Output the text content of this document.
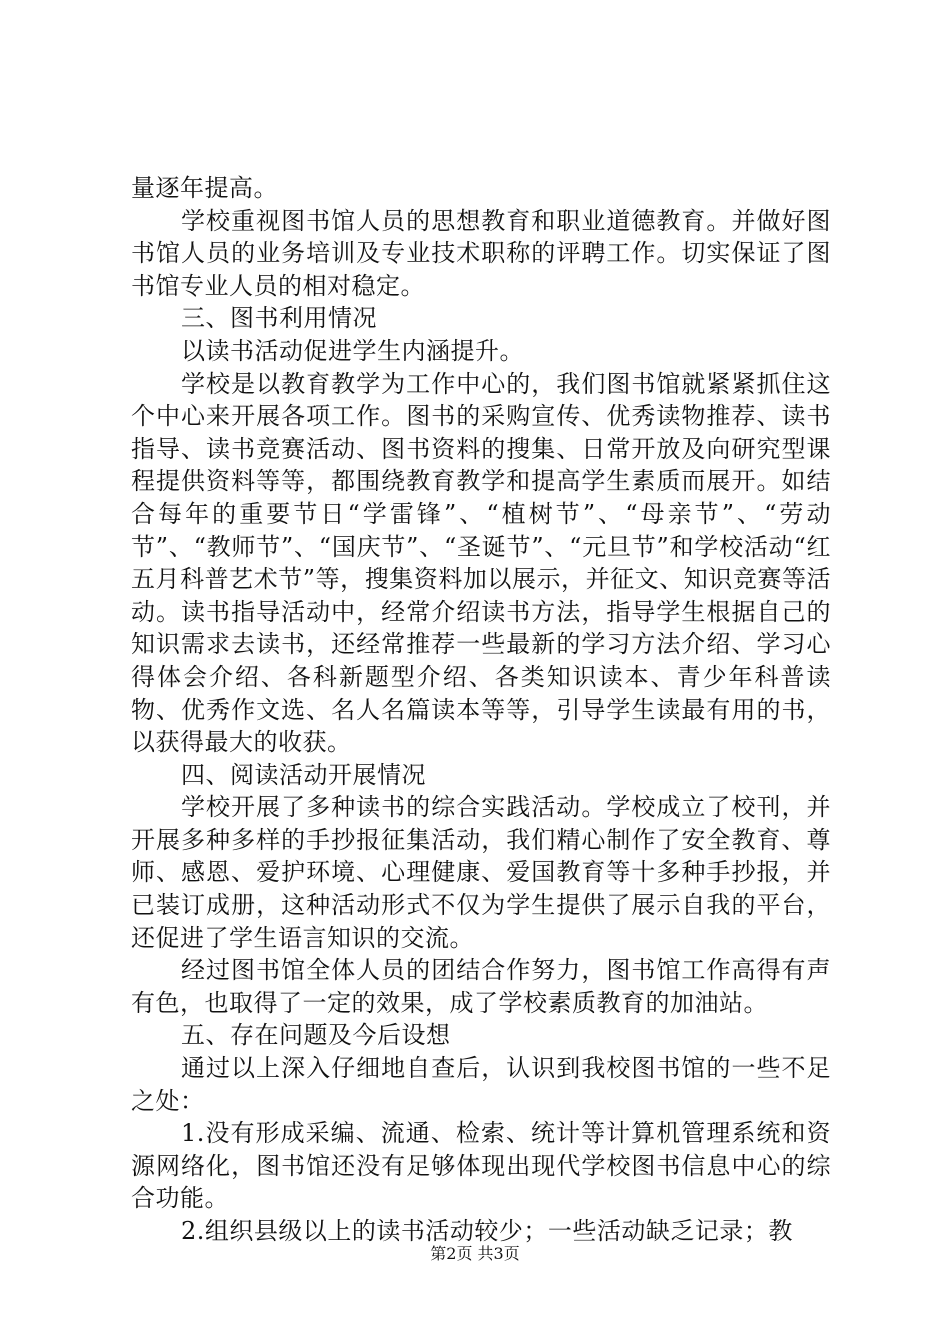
量逐年提高。

学校重视图书馆人员的思想教育和职业道德教育。并做好图书馆人员的业务培训及专业技术职称的评聘工作。切实保证了图书馆专业人员的相对稳定。

三、图书利用情况

以读书活动促进学生内涵提升。

学校是以教育教学为工作中心的，我们图书馆就紧紧抓住这个中心来开展各项工作。图书的采购宣传、优秀读物推荐、读书指导、读书竞赛活动、图书资料的搜集、日常开放及向研究型课程提供资料等等，都围绕教育教学和提高学生素质而展开。如结合每年的重要节日“学雷锋”、“植树节”、“母亲节”、“劳动节”、“教师节”、“国庆节”、“圣诞节”、“元旦节”和学校活动“红五月科普艺术节”等，搜集资料加以展示，并征文、知识竞赛等活动。读书指导活动中，经常介绍读书方法，指导学生根据自己的知识需求去读书，还经常推荐一些最新的学习方法介绍、学习心得体会介绍、各科新题型介绍、各类知识读本、青少年科普读物、优秀作文选、名人名篇读本等等，引导学生读最有用的书，以获得最大的收获。

四、阅读活动开展情况

学校开展了多种读书的综合实践活动。学校成立了校刊，并开展多种多样的手抄报征集活动，我们精心制作了安全教育、尊师、感恩、爱护环境、心理健康、爱国教育等十多种手抄报，并已装订成册，这种活动形式不仅为学生提供了展示自我的平台，还促进了学生语言知识的交流。

经过图书馆全体人员的团结合作努力，图书馆工作高得有声有色，也取得了一定的效果，成了学校素质教育的加油站。

五、存在问题及今后设想

通过以上深入仔细地自查后，认识到我校图书馆的一些不足之处：

1.没有形成采编、流通、检索、统计等计算机管理系统和资源网络化，图书馆还没有足够体现出现代学校图书信息中心的综合功能。

2.组织县级以上的读书活动较少；一些活动缺乏记录；教

第2页 共3页
